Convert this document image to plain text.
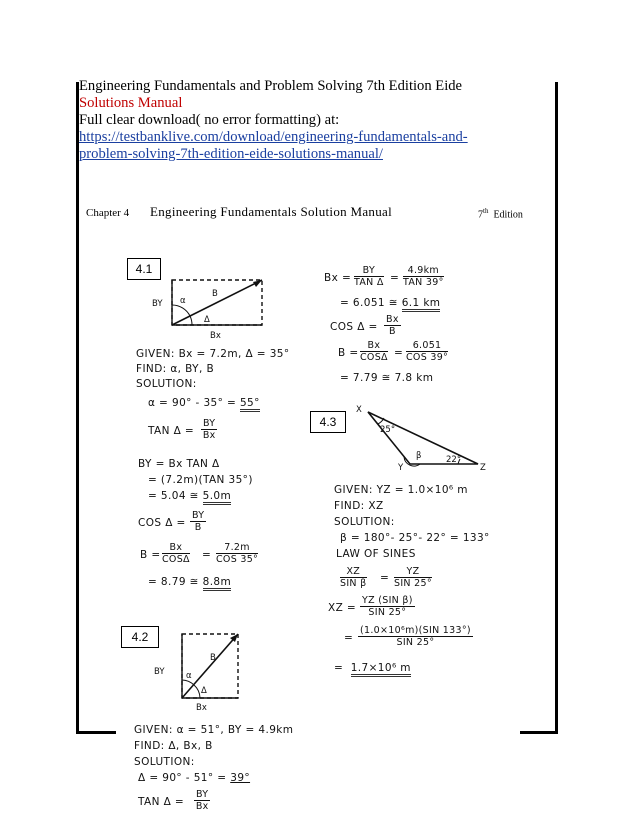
Engineering Fundamentals and Problem Solving 7th Edition Eide
Solutions Manual
Full clear download( no error formatting) at:
https://testbanklive.com/download/engineering-fundamentals-and-
problem-solving-7th-edition-eide-solutions-manual/
Chapter 4 Engineering Fundamentals Solution Manual	7th Edition
4.1
B
BY
Bx
α
Δ
GIVEN: Bx = 7.2m, Δ = 35°
FIND: α, BY, B
SOLUTION:
α = 90° - 35° = 55°
TAN $\Delta = \frac{BY}{Bx}$
BY = Bx TAN Δ
= (7.2m)(TAN 35°)
= 5.04 ≅ 5.0m
COS $\Delta = \frac{BY}{B}$
B =
Bx
COSΔ =
7.2m
COS 35°
= 8.79 ≅ 8.8m
4.2
B
BY
Bx
α
Δ
GIVEN: α = 51°, BY = 4.9km
FIND: Δ, Bx, B
SOLUTION:
Δ = 90° - 51° = 39°
TAN $\Delta = \frac{BY}{Bx}$
Bx =
BY
TAN Δ =
4.9km
TAN 39°
= 6.051 ≅ 6.1 km
COS $\Delta = \frac{Bx}{B}$
B =
Bx
COSΔ =
6.051
COS 39°
= 7.79 ≅ 7.8 km
4.3
X
Y	Z
25°
β	22°
GIVEN: YZ = 1.0×10⁶ m
FIND: XZ
SOLUTION:
β = 180°- 25°- 22° = 133°
LAW OF SINES
XZ
SIN β =
YZ
SIN 25°
XZ =
YZ (SIN β)
SIN 25°
=
(1.0×10⁶m)(SIN 133°)
SIN 25°
= 1.7×10⁶ m
